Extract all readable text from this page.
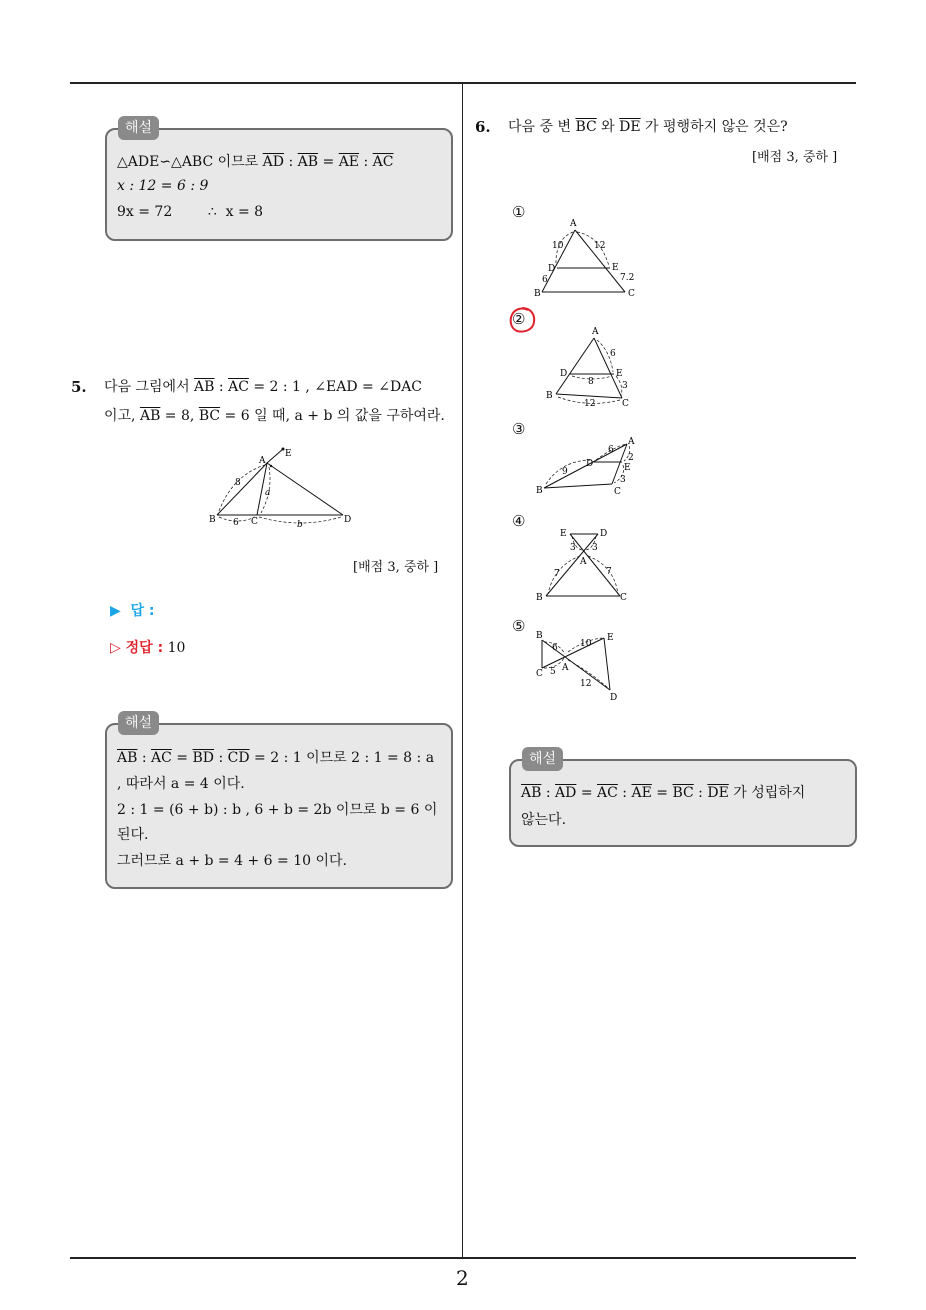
2
해설
△ADE∽△ABC 이므로 $\overline{AD}$ : $\overline{AB} = \overline{AE}$ : $\overline{AC}$
x : 12 = 6 : 9
9x = 72        ∴  x = 8
5. 다음 그림에서 $\overline{AB}$ : $\overline{AC} = 2$ : 1 , ∠EAD = ∠DAC
이고, $\overline{AB} = 8$, $\overline{BC} = 6$ 일 때, a + b 의 값을 구하여라.
A
E
B	C	D
8
6
a
b
[배점 3, 중하 ]
▶  답 :
▷ 정답 : 10
해설
$\overline{AB}$ : $\overline{AC} = \overline{BD}$ : $\overline{CD} = 2$ : 1 이므로 2 : 1 = 8 : a
, 따라서 a = 4 이다.
2 : 1 = (6 + b) : b , 6 + b = 2b 이므로 b = 6 이
된다.
그러므로 a + b = 4 + 6 = 10 이다.
6. 다음 중 변 $\overline{BC}$ 와 $\overline{DE}$ 가 평행하지 않은 것은?
[배점 3, 중하 ]
①
A
D	E
B	C
10	12
6	7.2
②
A
D	E
B
C
6
8	3
12
③
A
D	E
B	C
6
9
2
3
④
E	D
A
B	C
3 3
7	7
⑤
B	E
A
C
D
6 10
5
12
해설
$\overline{AB}$ : $\overline{AD} = \overline{AC}$ : $\overline{AE} = \overline{BC}$ : $\overline{DE}$ 가 성립하지
않는다.
